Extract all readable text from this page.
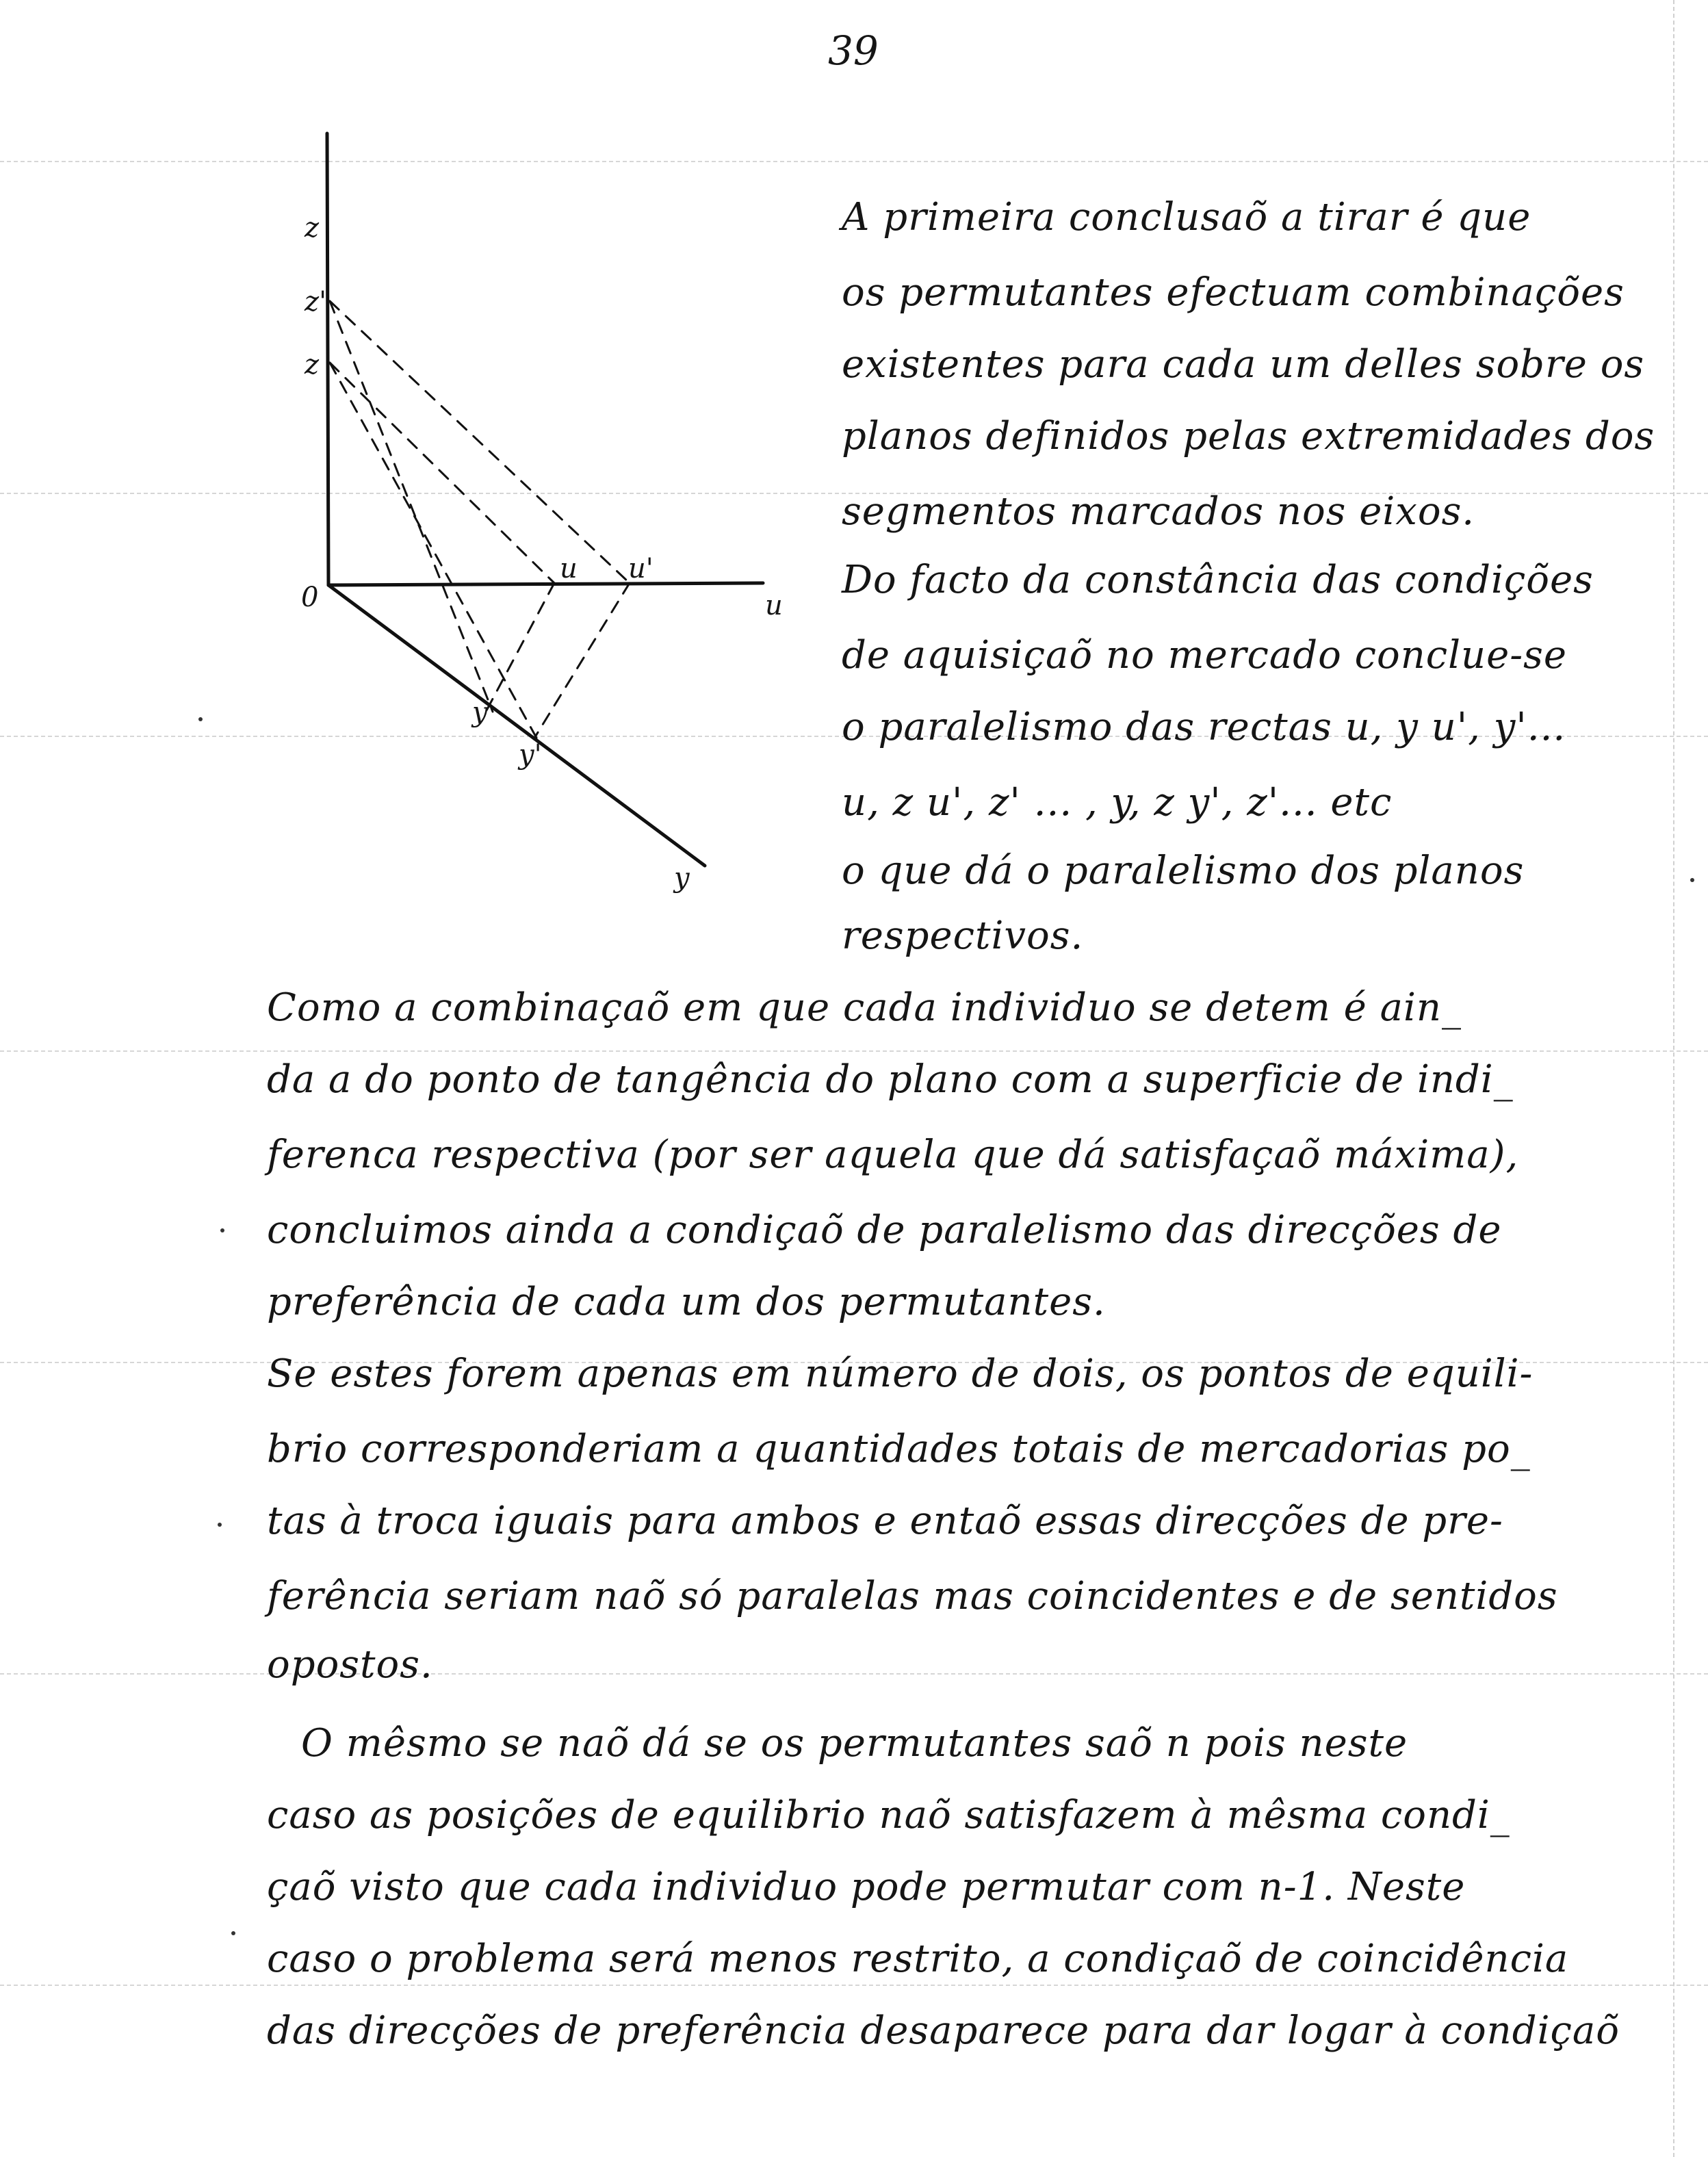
39
z
z'
z
0
u u'
u
y
y'
y
A primeira conclusaõ a tirar é que
os permutantes efectuam combinações
existentes para cada um delles sobre os
planos definidos pelas extremidades dos
segmentos marcados nos eixos.
Do facto da constância das condições
de aquisiçaõ no mercado conclue-se
o paralelismo das rectas u, y u', y'...
u, z u', z' ... , y, z y', z'... etc
o que dá o paralelismo dos planos
respectivos.
Como a combinaçaõ em que cada individuo se detem é ain_
da a do ponto de tangência do plano com a superficie de indi_
ferenca respectiva (por ser aquela que dá satisfaçaõ máxima),
concluimos ainda a condiçaõ de paralelismo das direcções de
preferência de cada um dos permutantes.
Se estes forem apenas em número de dois, os pontos de equili-
brio corresponderiam a quantidades totais de mercadorias po_
tas à troca iguais para ambos e entaõ essas direcções de pre-
ferência seriam naõ só paralelas mas coincidentes e de sentidos
opostos.
O mêsmo se naõ dá se os permutantes saõ n pois neste
caso as posições de equilibrio naõ satisfazem à mêsma condi_
çaõ visto que cada individuo pode permutar com n-1. Neste
caso o problema será menos restrito, a condiçaõ de coincidência
das direcções de preferência desaparece para dar logar à condiçaõ
